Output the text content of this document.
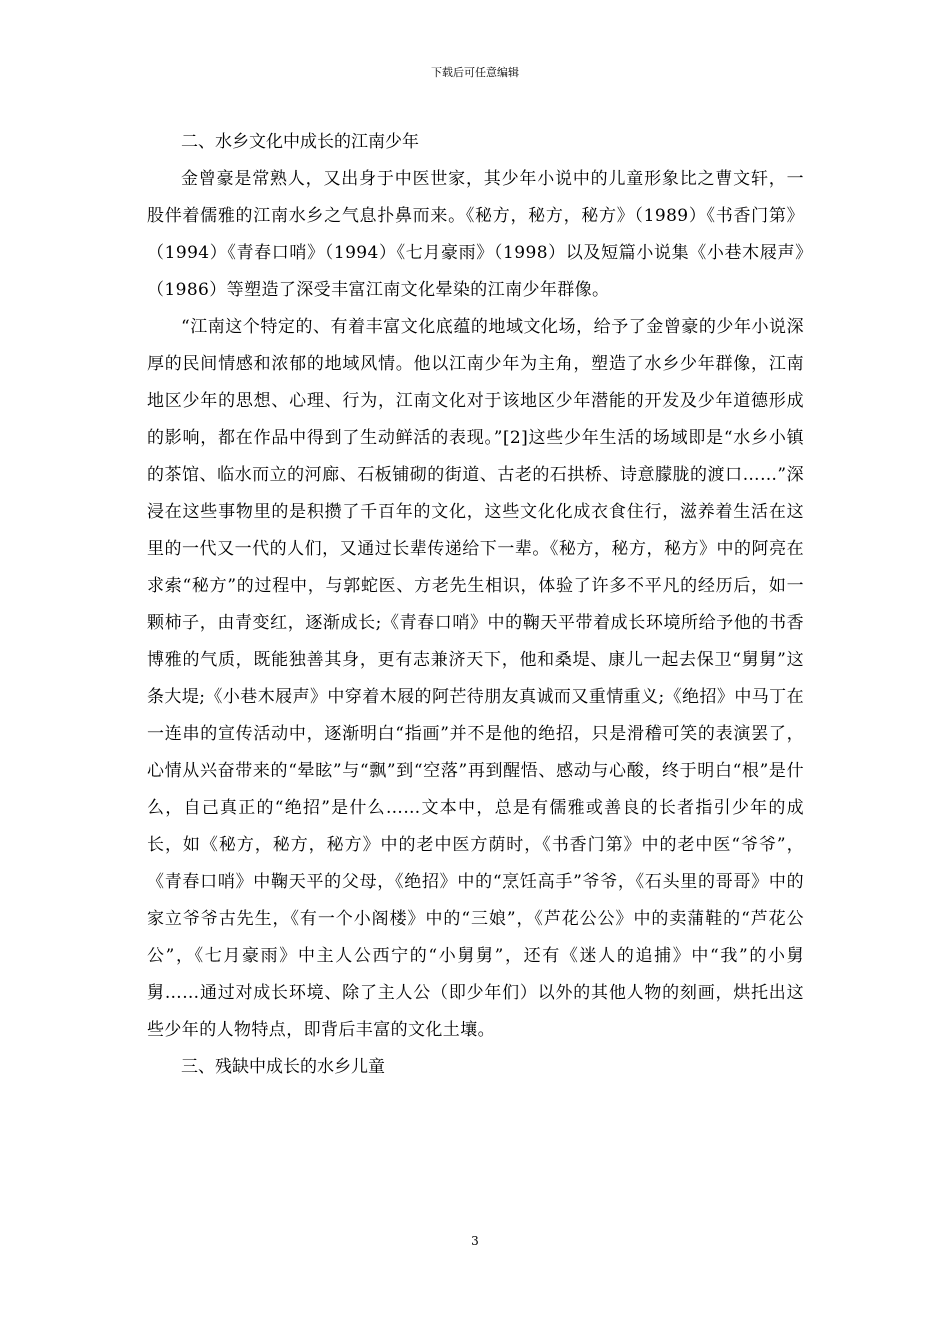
下载后可任意编辑

二、水乡文化中成长的江南少年

金曾豪是常熟人，又出身于中医世家，其少年小说中的儿童形象比之曹文轩，一股伴着儒雅的江南水乡之气息扑鼻而来。《秘方，秘方，秘方》（1989）《书香门第》（1994）《青春口哨》（1994）《七月豪雨》（1998）以及短篇小说集《小巷木屐声》（1986）等塑造了深受丰富江南文化晕染的江南少年群像。

“江南这个特定的、有着丰富文化底蕴的地域文化场，给予了金曾豪的少年小说深厚的民间情感和浓郁的地域风情。他以江南少年为主角，塑造了水乡少年群像，江南地区少年的思想、心理、行为，江南文化对于该地区少年潜能的开发及少年道德形成的影响，都在作品中得到了生动鲜活的表现。”[2]这些少年生活的场域即是“水乡小镇的茶馆、临水而立的河廊、石板铺砌的街道、古老的石拱桥、诗意朦胧的渡口……”深浸在这些事物里的是积攒了千百年的文化，这些文化化成衣食住行，滋养着生活在这里的一代又一代的人们，又通过长辈传递给下一辈。《秘方，秘方，秘方》中的阿亮在求索“秘方”的过程中，与郭蛇医、方老先生相识，体验了许多不平凡的经历后，如一颗柿子，由青变红，逐渐成长;《青春口哨》中的鞠天平带着成长环境所给予他的书香博雅的气质，既能独善其身，更有志兼济天下，他和桑堤、康儿一起去保卫“舅舅”这条大堤;《小巷木屐声》中穿着木屐的阿芒待朋友真诚而又重情重义;《绝招》中马丁在一连串的宣传活动中，逐渐明白“指画”并不是他的绝招，只是滑稽可笑的表演罢了，心情从兴奋带来的“晕眩”与“飘”到“空落”再到醒悟、感动与心酸，终于明白“根”是什么，自己真正的“绝招”是什么……文本中，总是有儒雅或善良的长者指引少年的成长，如《秘方，秘方，秘方》中的老中医方荫时，《书香门第》中的老中医“爷爷”，《青春口哨》中鞠天平的父母，《绝招》中的“烹饪高手”爷爷，《石头里的哥哥》中的家立爷爷古先生，《有一个小阁楼》中的“三娘”，《芦花公公》中的卖蒲鞋的“芦花公公”，《七月豪雨》中主人公西宁的“小舅舅”，还有《迷人的追捕》中“我”的小舅舅……通过对成长环境、除了主人公（即少年们）以外的其他人物的刻画，烘托出这些少年的人物特点，即背后丰富的文化土壤。

三、残缺中成长的水乡儿童

3
